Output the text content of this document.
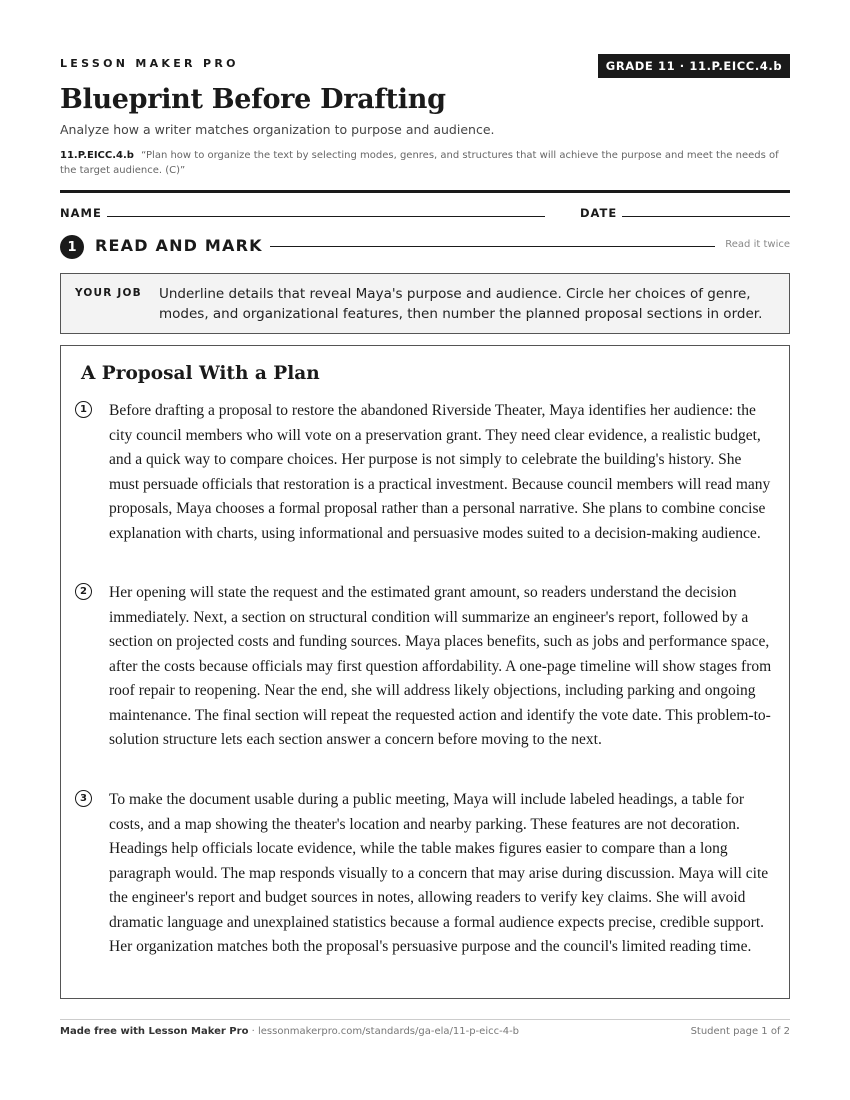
LESSON MAKER PRO	GRADE 11 · 11.P.EICC.4.b
Blueprint Before Drafting
Analyze how a writer matches organization to purpose and audience.
11.P.EICC.4.b “Plan how to organize the text by selecting modes, genres, and structures that will achieve the purpose and meet the needs of the target audience. (C)”
NAME	DATE
1	READ AND MARK	Read it twice
YOUR JOB Underline details that reveal Maya's purpose and audience. Circle her choices of genre, modes, and organizational features, then number the planned proposal sections in order.
A Proposal With a Plan
1	Before drafting a proposal to restore the abandoned Riverside Theater, Maya identifies her audience: the city council members who will vote on a preservation grant. They need clear evidence, a realistic budget, and a quick way to compare choices. Her purpose is not simply to celebrate the building's history. She must persuade officials that restoration is a practical investment. Because council members will read many proposals, Maya chooses a formal proposal rather than a personal narrative. She plans to combine concise explanation with charts, using informational and persuasive modes suited to a decision-making audience.

2	Her opening will state the request and the estimated grant amount, so readers understand the decision immediately. Next, a section on structural condition will summarize an engineer's report, followed by a section on projected costs and funding sources. Maya places benefits, such as jobs and performance space, after the costs because officials may first question affordability. A one-page timeline will show stages from roof repair to reopening. Near the end, she will address likely objections, including parking and ongoing maintenance. The final section will repeat the requested action and identify the vote date. This problem-to-solution structure lets each section answer a concern before moving to the next.

3	To make the document usable during a public meeting, Maya will include labeled headings, a table for costs, and a map showing the theater's location and nearby parking. These features are not decoration. Headings help officials locate evidence, while the table makes figures easier to compare than a long paragraph would. The map responds visually to a concern that may arise during discussion. Maya will cite the engineer's report and budget sources in notes, allowing readers to verify key claims. She will avoid dramatic language and unexplained statistics because a formal audience expects precise, credible support. Her organization matches both the proposal's persuasive purpose and the council's limited reading time.

Made free with Lesson Maker Pro · lessonmakerpro.com/standards/ga-ela/11-p-eicc-4-b	Student page 1 of 2
